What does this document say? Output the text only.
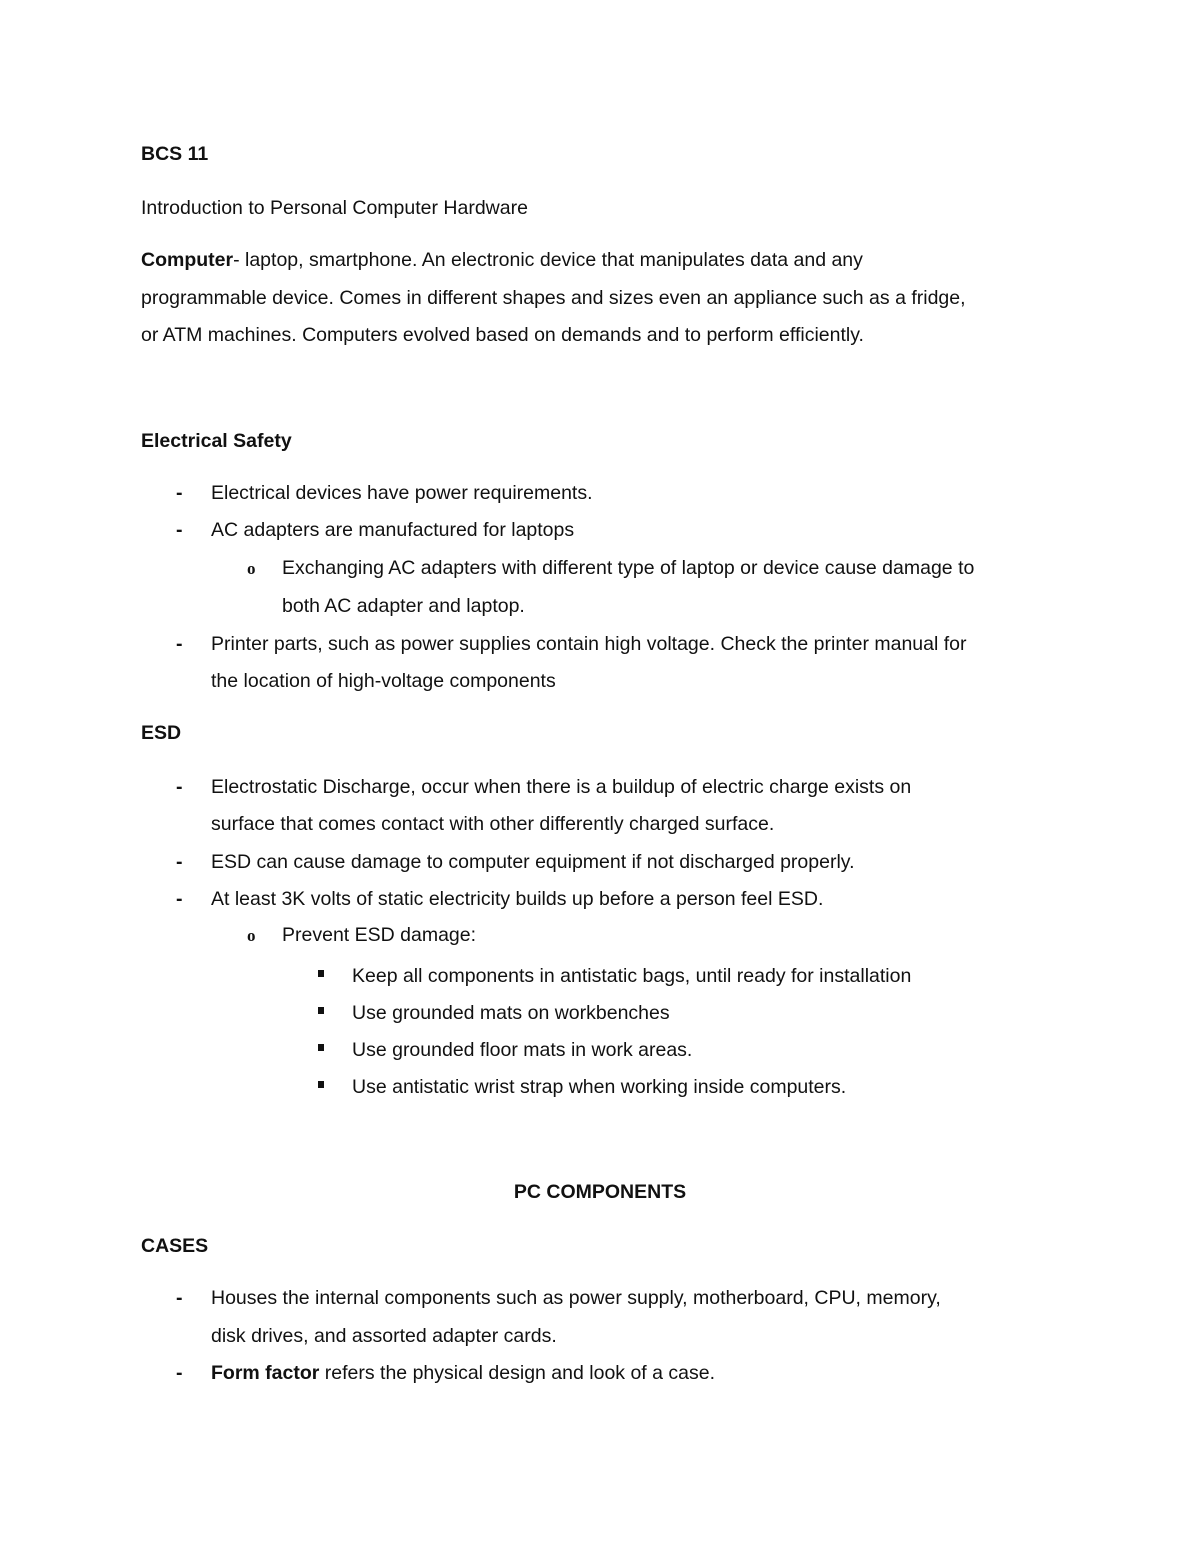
BCS 11
Introduction to Personal Computer Hardware
Computer- laptop, smartphone. An electronic device that manipulates data and any
programmable device. Comes in different shapes and sizes even an appliance such as a fridge,
or ATM machines. Computers evolved based on demands and to perform efficiently.
Electrical Safety
- Electrical devices have power requirements.
- AC adapters are manufactured for laptops
o Exchanging AC adapters with different type of laptop or device cause damage to
both AC adapter and laptop.
- Printer parts, such as power supplies contain high voltage. Check the printer manual for
the location of high-voltage components
ESD
- Electrostatic Discharge, occur when there is a buildup of electric charge exists on
surface that comes contact with other differently charged surface.
- ESD can cause damage to computer equipment if not discharged properly.
- At least 3K volts of static electricity builds up before a person feel ESD.
o Prevent ESD damage:
Keep all components in antistatic bags, until ready for installation
Use grounded mats on workbenches
Use grounded floor mats in work areas.
Use antistatic wrist strap when working inside computers.
PC COMPONENTS
CASES
- Houses the internal components such as power supply, motherboard, CPU, memory,
disk drives, and assorted adapter cards.
- Form factor refers the physical design and look of a case.
